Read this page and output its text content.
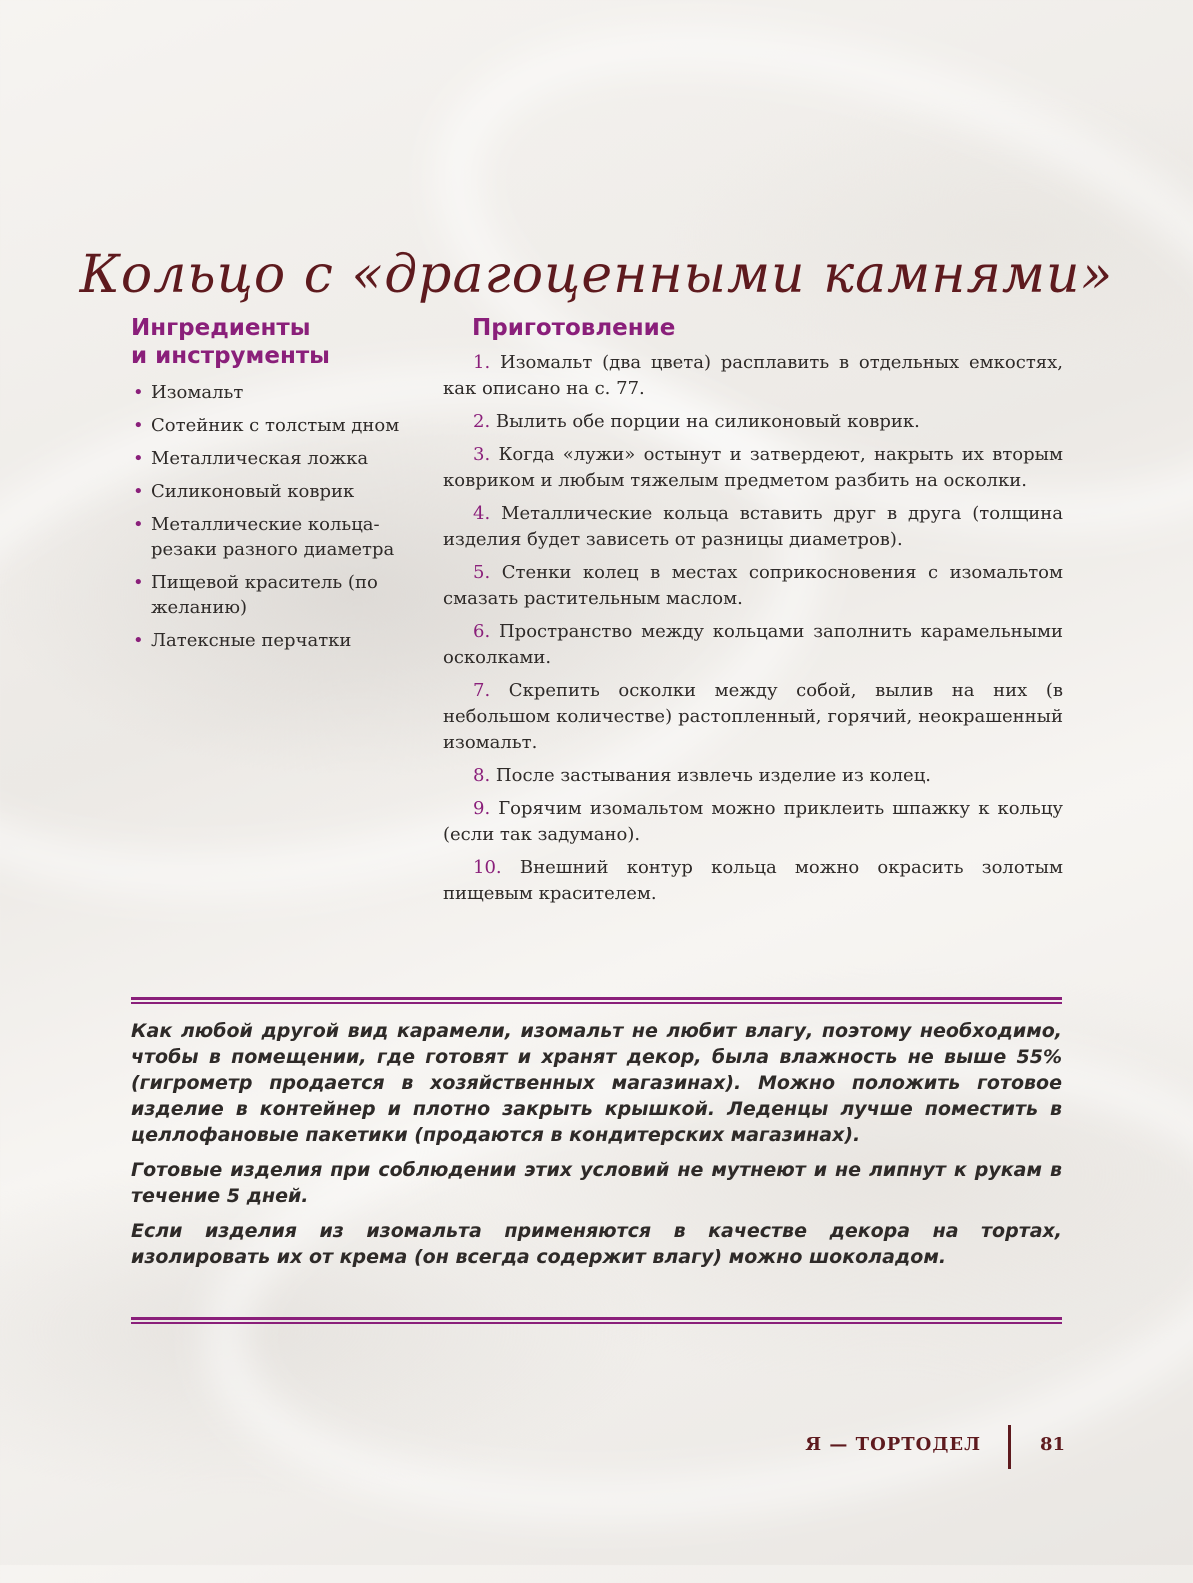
Кольцо с «драгоценными камнями»
Ингредиенты
и инструменты
• Изомальт
• Сотейник с толстым дном
• Металлическая ложка
• Силиконовый коврик
• Металлические кольца-резаки разного диаметра
• Пищевой краситель (по желанию)
• Латексные перчатки
Приготовление

1. Изомальт (два цвета) расплавить в отдельных емкостях, как описано на с. 77.

2. Вылить обе порции на силиконовый коврик.

3. Когда «лужи» остынут и затвердеют, накрыть их вторым ковриком и любым тяжелым предметом разбить на осколки.

4. Металлические кольца вставить друг в друга (толщина изделия будет зависеть от разницы диаметров).

5. Стенки колец в местах соприкосновения с изомальтом смазать растительным маслом.

6. Пространство между кольцами заполнить карамельными осколками.

7. Скрепить осколки между собой, вылив на них (в небольшом количестве) растопленный, горячий, неокрашенный изомальт.

8. После застывания извлечь изделие из колец.

9. Горячим изомальтом можно приклеить шпажку к кольцу (если так задумано).

10. Внешний контур кольца можно окрасить золотым пищевым красителем.

Как любой другой вид карамели, изомальт не любит влагу, поэтому необходимо, чтобы в помещении, где готовят и хранят декор, была влажность не выше 55% (гигрометр продается в хозяйственных магазинах). Можно положить готовое изделие в контейнер и плотно закрыть крышкой. Леденцы лучше поместить в целлофановые пакетики (продаются в кондитерских магазинах).

Готовые изделия при соблюдении этих условий не мутнеют и не липнут к рукам в течение 5 дней.

Если изделия из изомальта применяются в качестве декора на тортах, изолировать их от крема (он всегда содержит влагу) можно шоколадом.

Я — ТОРТОДЕЛ	81
